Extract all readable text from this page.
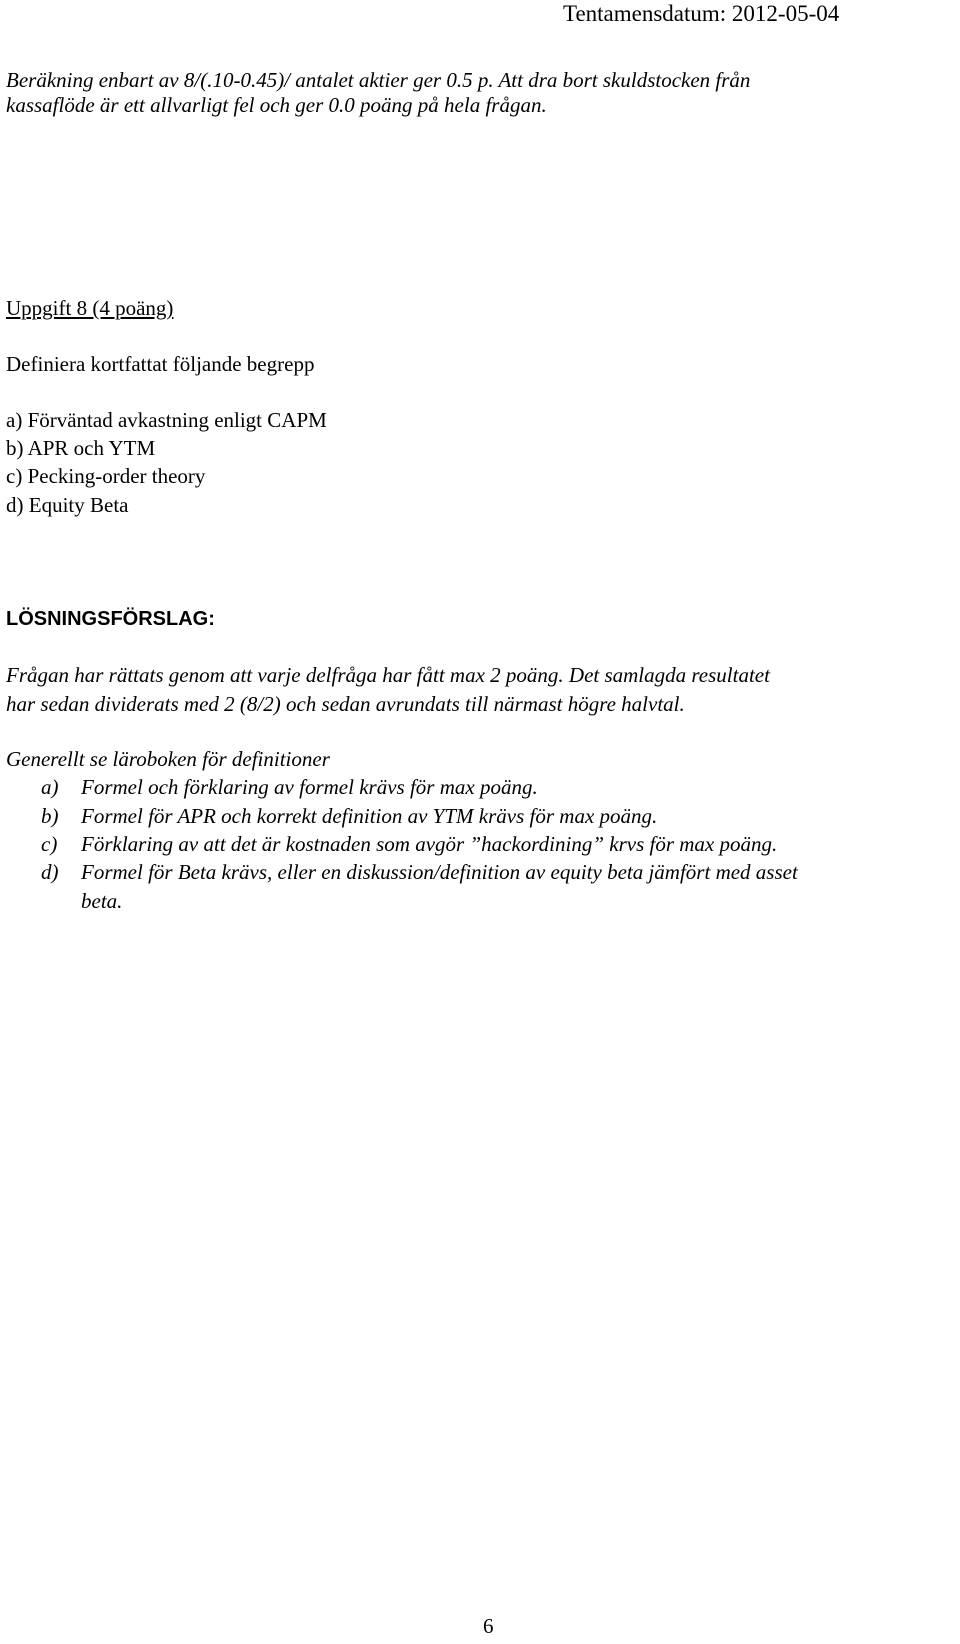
Tentamensdatum: 2012-05-04
Beräkning enbart av 8/(.10-0.45)/ antalet aktier ger 0.5 p. Att dra bort skuldstocken från
kassaflöde är ett allvarligt fel och ger 0.0 poäng på hela frågan.
Uppgift 8 (4 poäng)
Definiera kortfattat följande begrepp
a) Förväntad avkastning enligt CAPM
b) APR och YTM
c) Pecking-order theory
d) Equity Beta
LÖSNINGSFÖRSLAG:
Frågan har rättats genom att varje delfråga har fått max 2 poäng. Det samlagda resultatet
har sedan dividerats med 2 (8/2) och sedan avrundats till närmast högre halvtal.
Generellt se läroboken för definitioner
a) Formel och förklaring av formel krävs för max poäng.
b) Formel för APR och korrekt definition av YTM krävs för max poäng.
c) Förklaring av att det är kostnaden som avgör ”hackordining” krvs för max poäng.
d) Formel för Beta krävs, eller en diskussion/definition av equity beta jämfört med asset
beta.
6
